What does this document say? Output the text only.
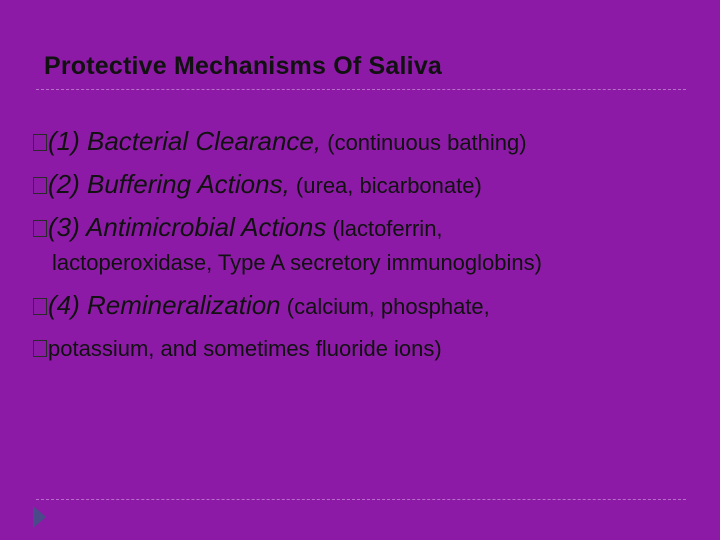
Protective Mechanisms Of Saliva
(1) Bacterial Clearance, (continuous bathing)
(2) Buffering Actions, (urea, bicarbonate)
(3) Antimicrobial Actions (lactoferrin,
lactoperoxidase, Type A secretory immunoglobins)
(4) Remineralization (calcium, phosphate,
potassium, and sometimes fluoride ions)
